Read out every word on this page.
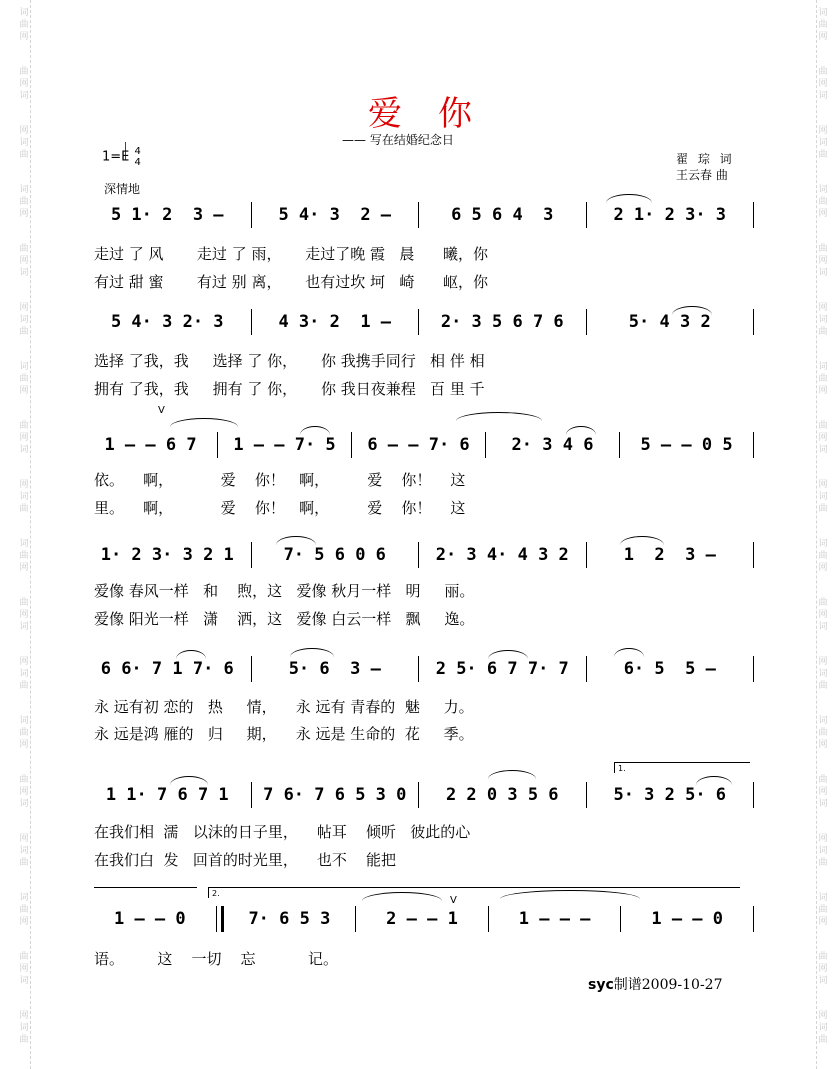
词
曲
网
曲
网
词
网
词
曲
词
曲
网
曲
网
词
网
词
曲
词
曲
网
曲
网
词
网
词
曲
词
曲
网
曲
网
词
网
词
曲
词
曲
网
曲
网
词
网
词
曲
词
曲
网
曲
网
词
网
词
曲
词
曲
网
曲
网
词
网
词
曲
词
曲
网
曲
网
词
网
词
曲
词
曲
网
曲
网
词
网
词
曲
词
曲
网
曲
网
词
网
词
曲
词
曲
网
曲
网
词
网
词
曲
词
曲
网
曲
网
词
网
词
曲
爱你
—— 写在结婚纪念日
1=E 4
4
深情地
翟 琮 词
王云春 曲
5 1· 2  3 –	5 4· 3  2 –	6 5 6 4  3	2 1· 2 3· 3
走过 了 风       走过 了 雨，     走过了晚 霞   晨      曦，你
有过 甜 蜜       有过 别 离，     也有过坎 坷   崎      岖，你
5 4· 3 2· 3	4 3· 2  1 –	2· 3 5 6 7 6	5· 4 3 2
选择 了我，我     选择 了 你，     你 我携手同行   相 伴 相
拥有 了我，我     拥有 了 你，     你 我日夜兼程   百 里 千
1 – – 6 7	1 – – 7· 5	6 – – 7· 6	2· 3 4 6	5 – – 0 5
依。    啊，          爱    你！   啊，        爱    你！    这
里。    啊，          爱    你！   啊，        爱    你！    这
1· 2 3· 3 2 1	7· 5 6 0 6	2· 3 4· 4 3 2	1  2  3 –
爱像 春风一样   和    煦，这   爱像 秋月一样   明     丽。
爱像 阳光一样   潇    洒，这   爱像 白云一样   飘     逸。
6 6· 7 1 7· 6	5· 6  3 –	2 5· 6 7 7· 7	6· 5  5 –
永 远有初 恋的   热     情，    永 远有 青春的  魅     力。
永 远是鸿 雁的   归     期，    永 远是 生命的  花     季。
1 1· 7 6 7 1	7 6· 7 6 5 3 0	2 2 0 3 5 6	5· 3 2 5· 6
在我们相  濡   以沫的日子里，    帖耳    倾听   彼此的心
在我们白  发   回首的时光里，    也不    能把
1 – – 0	7· 6 5 3	2 – – 1	1 – – –	1 – – 0
语。       这    一切    忘           记。
V
V
1.
2.
syc制谱2009-10-27
